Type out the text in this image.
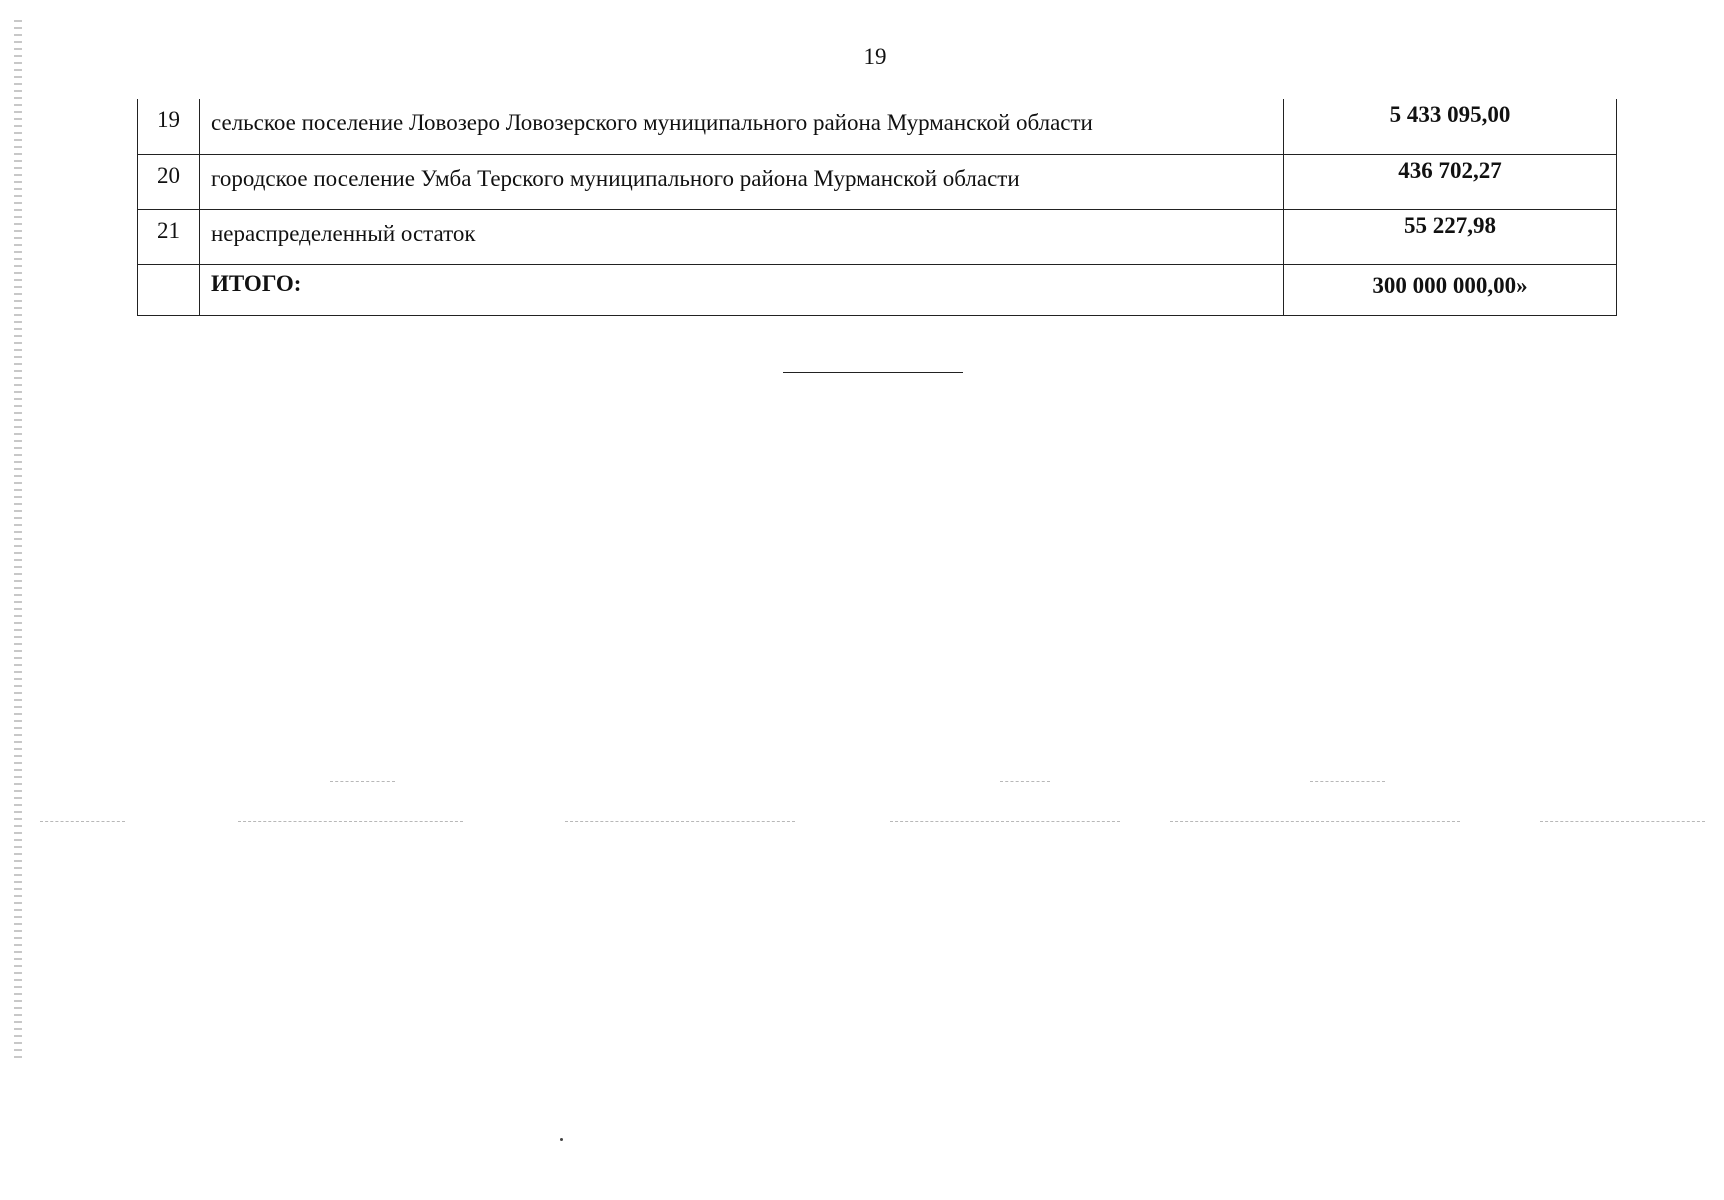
19
19	сельское поселение Ловозеро Ловозерского муниципального района Мурманской области	5 433 095,00
20	городское поселение Умба Терского муниципального района Мурманской области	436 702,27
21	нераспределенный остаток	55 227,98
	ИТОГО:	300 000 000,00»
